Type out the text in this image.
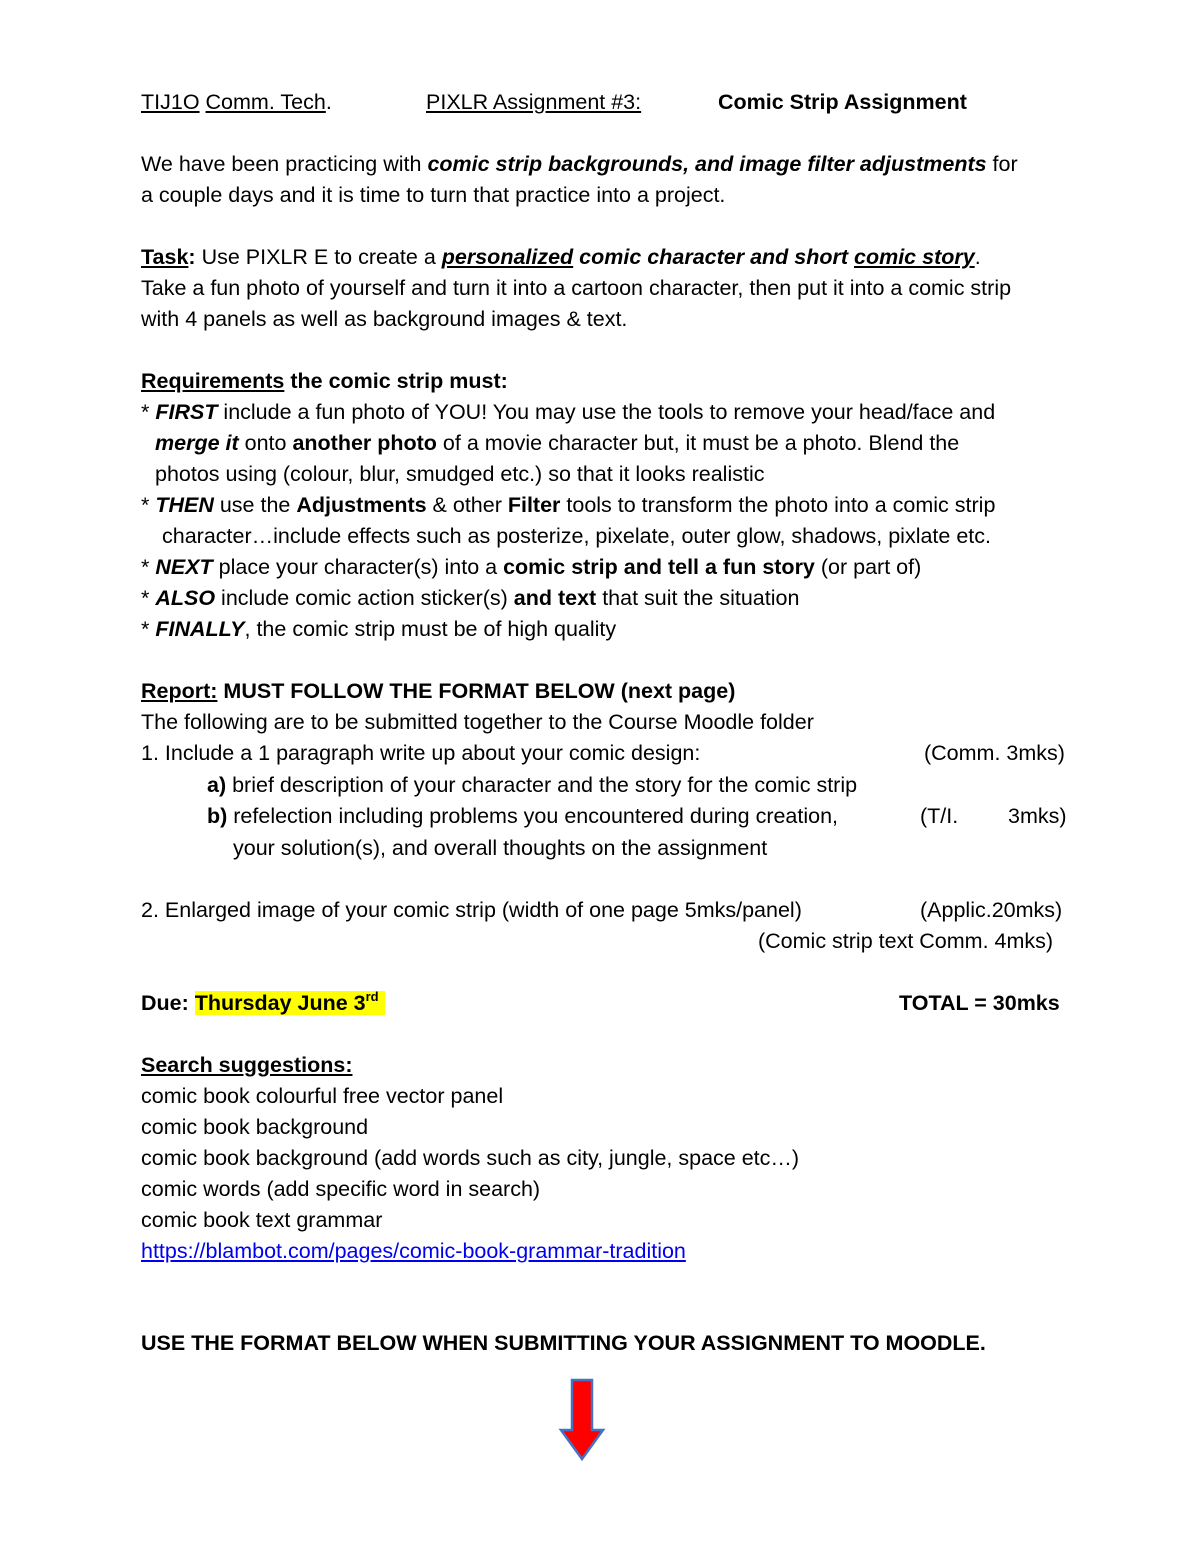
TIJ1O Comm. Tech.	PIXLR Assignment #3:	Comic Strip Assignment
We have been practicing with comic strip backgrounds, and image filter adjustments for
a couple days and it is time to turn that practice into a project.
Task: Use PIXLR E to create a personalized comic character and short comic story.
Take a fun photo of yourself and turn it into a cartoon character, then put it into a comic strip
with 4 panels as well as background images & text.
Requirements the comic strip must:
* FIRST include a fun photo of YOU! You may use the tools to remove your head/face and
merge it onto another photo of a movie character but, it must be a photo. Blend the
photos using (colour, blur, smudged etc.) so that it looks realistic
* THEN use the Adjustments & other Filter tools to transform the photo into a comic strip
character…include effects such as posterize, pixelate, outer glow, shadows, pixlate etc.
* NEXT place your character(s) into a comic strip and tell a fun story (or part of)
* ALSO include comic action sticker(s) and text that suit the situation
* FINALLY, the comic strip must be of high quality
Report: MUST FOLLOW THE FORMAT BELOW (next page)
The following are to be submitted together to the Course Moodle folder
1. Include a 1 paragraph write up about your comic design:	(Comm. 3mks)
a) brief description of your character and the story for the comic strip
b) refelection including problems you encountered during creation,	(T/I. 3mks)
your solution(s), and overall thoughts on the assignment
2. Enlarged image of your comic strip (width of one page 5mks/panel)	(Applic.20mks)
(Comic strip text Comm. 4mks)
Due: Thursday June 3rd	TOTAL = 30mks
Search suggestions:
comic book colourful free vector panel
comic book background
comic book background (add words such as city, jungle, space etc…)
comic words (add specific word in search)
comic book text grammar
https://blambot.com/pages/comic-book-grammar-tradition
USE THE FORMAT BELOW WHEN SUBMITTING YOUR ASSIGNMENT TO MOODLE.
